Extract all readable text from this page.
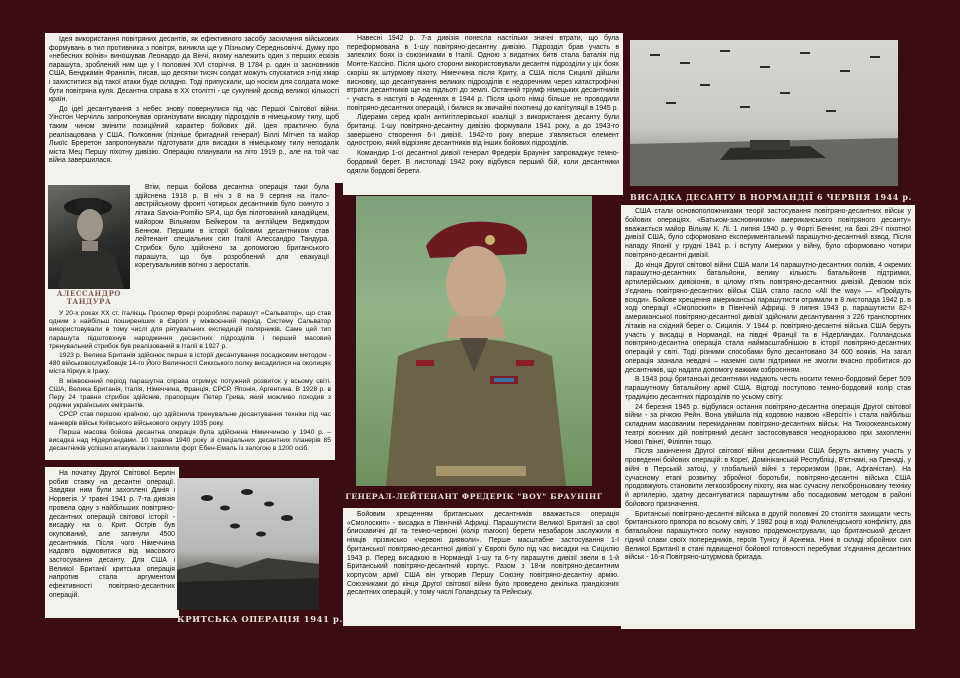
Ідея використання повітряних десантів, як ефективного засобу засилання військових формувань в тил противника з повітря, виникла ще у Пізньому Середньовіччі. Думку про «небесних воїнів» виношував Леонардо да Вінчі, якому належить один з перших ескізів парашута, зроблений ним ще у I половині XVI сторіччя. В 1784 р. один із засновників США, Бенджамін Франклін, писав, що десятки тисяч солдат можуть спускатися з-під хмар і захиститися від такої атаки буде складно. Тоді припускали, що носієм для солдата може бути повітряна куля. Десантна справа в ХХ столітті - це сукупний досвід великої кількості країн.

До ідеї десантування з небес знову повернулися під час Першої Світової війни. Уінстон Черчілль запропонував організувати висадку підрозділів в німецькому тилу, щоб таким чином змінити позиційний характер бойових дій. Ідея практично була реалізацована у США. Полковник (пізніше бригадний генерал) Біллі Мітчел та майор Льюїс Бреретон запропонували підготувати для висадки в німецькому тилу неподалік міста Мец Першу піхотну дивізію. Операцію планували на літо 1919 р., але на той час війна завершилася.

АЛЕССАНДРО ТАНДУРА

Втім, перша бойова десантна операція таки була здійснена 1918 р. В ніч з 8 на 9 серпня на італо-австрійському фронті чотирьох десантників було скинуто з літака Savoia-Pomilio SP.4, що був пілотований канадійцем, майором Вільямом Бейкером та англійцем Веджвудом Бенном. Першим в історії бойовим десантником став лейтенант спеціальних сил Італії Алессандро Тандура. Стрибок було здійснено за допомогою британського парашута, що був розроблений для евакуації корегувальників вогню з аеростатів.

У 20-х роках ХХ ст. італієць Проспер Фрері розробляє парашут «Сальватор», що став одним з найбільш поширеніших в Європі у міжвоєнний період. Систему Сальватор використовували в тому числі для рятувальних експедицій полярників. Саме цей тип парашута підштовхнув народження десантних підрозділів і перший масовий тренувальний стрибок був реалізований в Італії в 1927 р.

1923 р. Велика Британія здійснює перше в історії десантування посадковим методом - 480 військовослужбовців 14-го Його Величності Сикхського полку висадилися на околицях міста Кіркук в Іраку.

В міжвоєнний період парашутна справа отримує потужний розвиток у всьому світі. США, Велика Британія, Італія, Німеччина, Франція, СРСР, Японія, Аргентина. В 1928 р. в Перу 24 травня стрибок здійснив, прапорщик Петер Грива, який можливо походив з родини українських емігрантів.

СРСР став першою країною, що здійснила тренувальне десантування техніки під час маневрів військ Київського військового округу 1935 року.

Перша масова бойова десантна операція була здійснена Німеччиною у 1940 р. – висадка над Нідерландами. 10 травня 1940 року зі спеціальних десантних планерів 85 десантників успішно атакували і захопили форт Ебен-Емаль із залогою в 1200 осіб.

На початку Другої Світової Берлін робив ставку на десантні операції. Завдяки ним були захоплені Данія і Норвегія. У травні 1941 р. 7-та дивізія провела одну з найбільших повітряно-десантних операцій світової історії - висадку на о. Крит. Острів був окупований, але загинули 4500 десантників. Після чого Німеччина надовго відмовитися від масового застосування десанту. Для США і Великої Британії критська операція напротив стала аргументом ефективності повітряно-десантних операцій.

КРИТСЬКА ОПЕРАЦІЯ 1941 р.

Навесні 1942 р. 7-а дивізія понесла настільки значні втрати, що була переформована в 1-шу повітряно-десантну дивізію. Підрозділ брав участь в запеклих боях із союзниками в Італії. Одною з видатних битв стала баталія під Монте-Кассіно. Після цього сторони використовували десантні підрозділи у ціх боях скоріш як штурмову піхоту. Німеччина після Криту, а США після Сицилії дійшли висновку, що десантування великих підрозділів є недоречним через катастрофічні втрати десантників ще на підльоті до землі. Останній тріумф німецьких десантників - участь в наступі в Арденнах в 1944 р. Після цього німці більше не проводили повітряно-десантних операцій, і билися як звичайні піхотинці до капітуляції в 1945 р.

Лідерами серед країн антигітлерівської коаліції з використання десанту були британці. 1-шу повітряно-десантну дивізію формували 1941 року, а до 1943-го завершено створення 6-ї дивізії. 1942-го року вперше з'являється елемент однострою, який відрізняє десантників від інших бойових підрозділів.

Командир 1-ої десантної дивізії генерал Фредерік Браунінг запроваджує темно-бордовий берет. В листопаді 1942 року відбувся перший бій, коли десантники одягли бордові берети.

ГЕНЕРАЛ-ЛЕЙТЕНАНТ ФРЕДЕРІК "BOY" БРАУНІНГ

Бойовим хрещенням британських десантників вважається операція «Смолоскип» - висадка в Північній Африці. Парашутисти Великої Британії за свої блискавичні дії та темно-червоні (колір maroon) берети незабаром заслужили в німців прізвисько «червоні дияволи». Перше масштабне застосування 1-ї британської повітряно-десантної дивізії у Європі було під час висадки на Сицилію 1943 р. Перед висадкою в Нормандії 1-шу та 6-ту парашутні дивізії звели в 1-й Британський повітряно-десантний корпус. Разом з 18-м повітряно-десантним корпусом армії США він утворив Першу Союзну повітряно-десантну армію. Союзниками до кінця Другої світової війни було проведено декілька грандіозних десантних операцій, у тому числі Голандську та Рейнську.

ВИСАДКА ДЕСАНТУ В НОРМАНДІЇ 6 ЧЕРВНЯ 1944 р.

США стали основоположниками теорії застосування повітряно-десантних військ у бойових операціях. «Батьком-засновником» американського повітряного десанту» вважається майор Вільям К. Лі. 1 липня 1940 р. у Форті Беннінг, на базі 29-ї піхотної дивізії США, було сформовано експериментальний парашутно-десантний взвод. Після нападу Японії у грудні 1941 р. і вступу Америки у війну, було сформовано чотири повітряно-десантні дивізії.

До кінця Другої світової війни США мали 14 парашутно-десантних полків, 4 окремих парашутно-десантних батальйони, велику кількість батальйонів підтримки, артилерійських дивізіонів, в цілому п'ять повітряно-десантних дивізій. Девізом всіх з'єднань повітряно-десантних військ США стало гасло «All the way» — «Пройдуть всюди». Бойове хрещення американські парашутисти отримали в 8 листопада 1942 р. в ході операції «Смолоскип» в Північній Африці. 9 липня 1943 р. парашутисти 82-ї американської повітряно-десантної дивізії здійснили десантування з 226 транспортних літаків на східний берег о. Сицилія. У 1944 р. повітряно-десантні війська США беруть участь у висадці в Нормандії, на півдні Франції та в Нідерландах. Голландська повітряно-десантна операція стала наймасштабнішою в історії повітряно-десантних операцій у світі. Тоді різними способами було десантовано 34 600 вояків. На загал операція зазнала невдачі – наземні сили підтримки не змогли вчасно пробитися до десантників, що надати допомогу важким озброєнням.

В 1943 році британські десантники надають честь носити темно-бордовий берет 509 парашутному батальйону армії США. Відтоді поступово темно-бордовий колір став традицією десантних підрозділів по усьому світу.

24 березня 1945 р. відбулася остання повітряно-десантна операція Другої світової війни - за річкою Рейн. Вона увійшла під кодовою назвою «Версіті» і стала найбільш складним масованим перекиданням повітряно-десантних військ. На Тихоокеанському театрі воєнних дій повітряний десант застосовувався неодноразово при захопленні Нової Гвінеї, Філіппін тощо.

Після закінчення Другої світової війни десантники США беруть активну участь у проведенні бойових операцій: в Кореї, Домініканській Республіці, В'єтнамі, на Гренаді, у війні в Перській затоці, у глобальній війні з тероризмом (Ірак, Афганістан). На сучасному етапі розвитку збройної боротьби, повітряно-десантні війська США продовжують становити легкоозброєну піхоту, яка має сучасну легкоброньовану техніку й артилерію, здатну десантуватися парашутним або посадковим методом в районі бойового призначення.

Британські повітряно-десантні війська в другій половині 20 століття захищати честь британського прапора по всьому світі. У 1982 році в ході Фолклендського конфлікту, два батальйони парашутного полку науково продемонстрували, що британський десант гідний слави своїх попередників, героїв Тунісу й Арнема. Нині в складі збройних сил Великої Британії в стані підвищеної бойової готовності перебуває з'єднання десантних військ - 16-я Повітряно-штурмова бригада.
